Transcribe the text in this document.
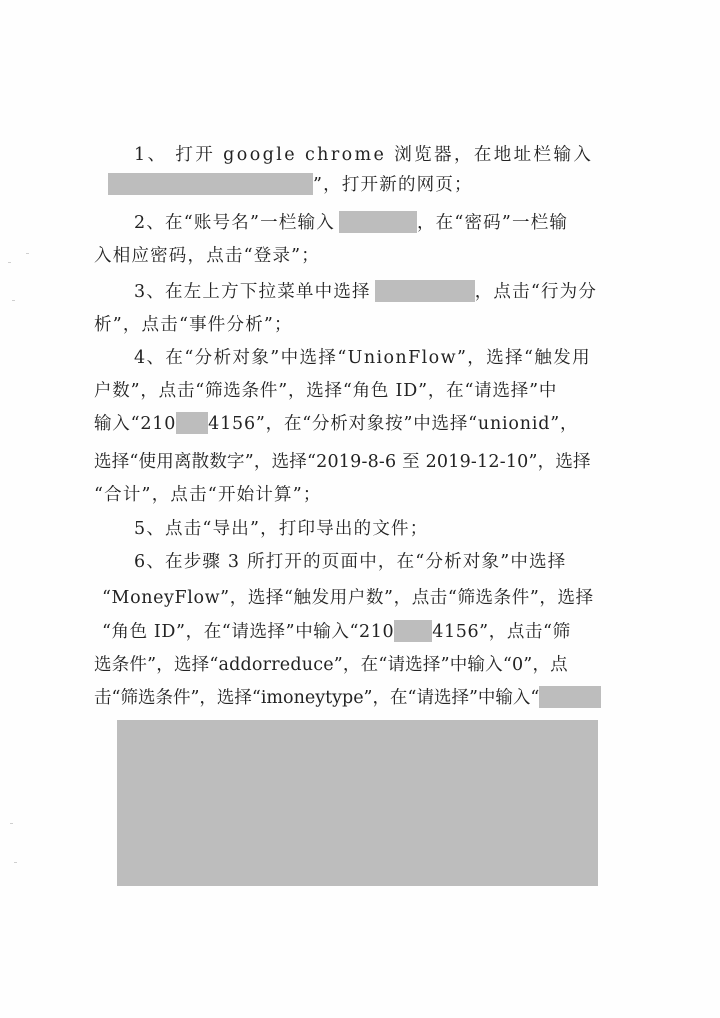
1、 打开 google chrome 浏览器，在地址栏输入
”，打开新的网页；
2、在“账号名”一栏输入	，在“密码”一栏输
入相应密码，点击“登录”；
3、在左上方下拉菜单中选择	，点击“行为分
析”，点击“事件分析”；
4、在“分析对象”中选择“UnionFlow”，选择“触发用
户数”，点击“筛选条件”，选择“角色 ID”，在“请选择”中
输入“210 4156”，在“分析对象按”中选择“unionid”，
选择“使用离散数字”，选择“2019-8-6 至 2019-12-10”，选择
“合计”，点击“开始计算”；
5、点击“导出”，打印导出的文件；
6、在步骤 3 所打开的页面中，在“分析对象”中选择
“MoneyFlow”，选择“触发用户数”，点击“筛选条件”，选择
“角色 ID”，在“请选择”中输入“210 4156”，点击“筛
选条件”，选择“addorreduce”，在“请选择”中输入“0”，点
击“筛选条件”，选择“imoneytype”，在“请选择”中输入“
